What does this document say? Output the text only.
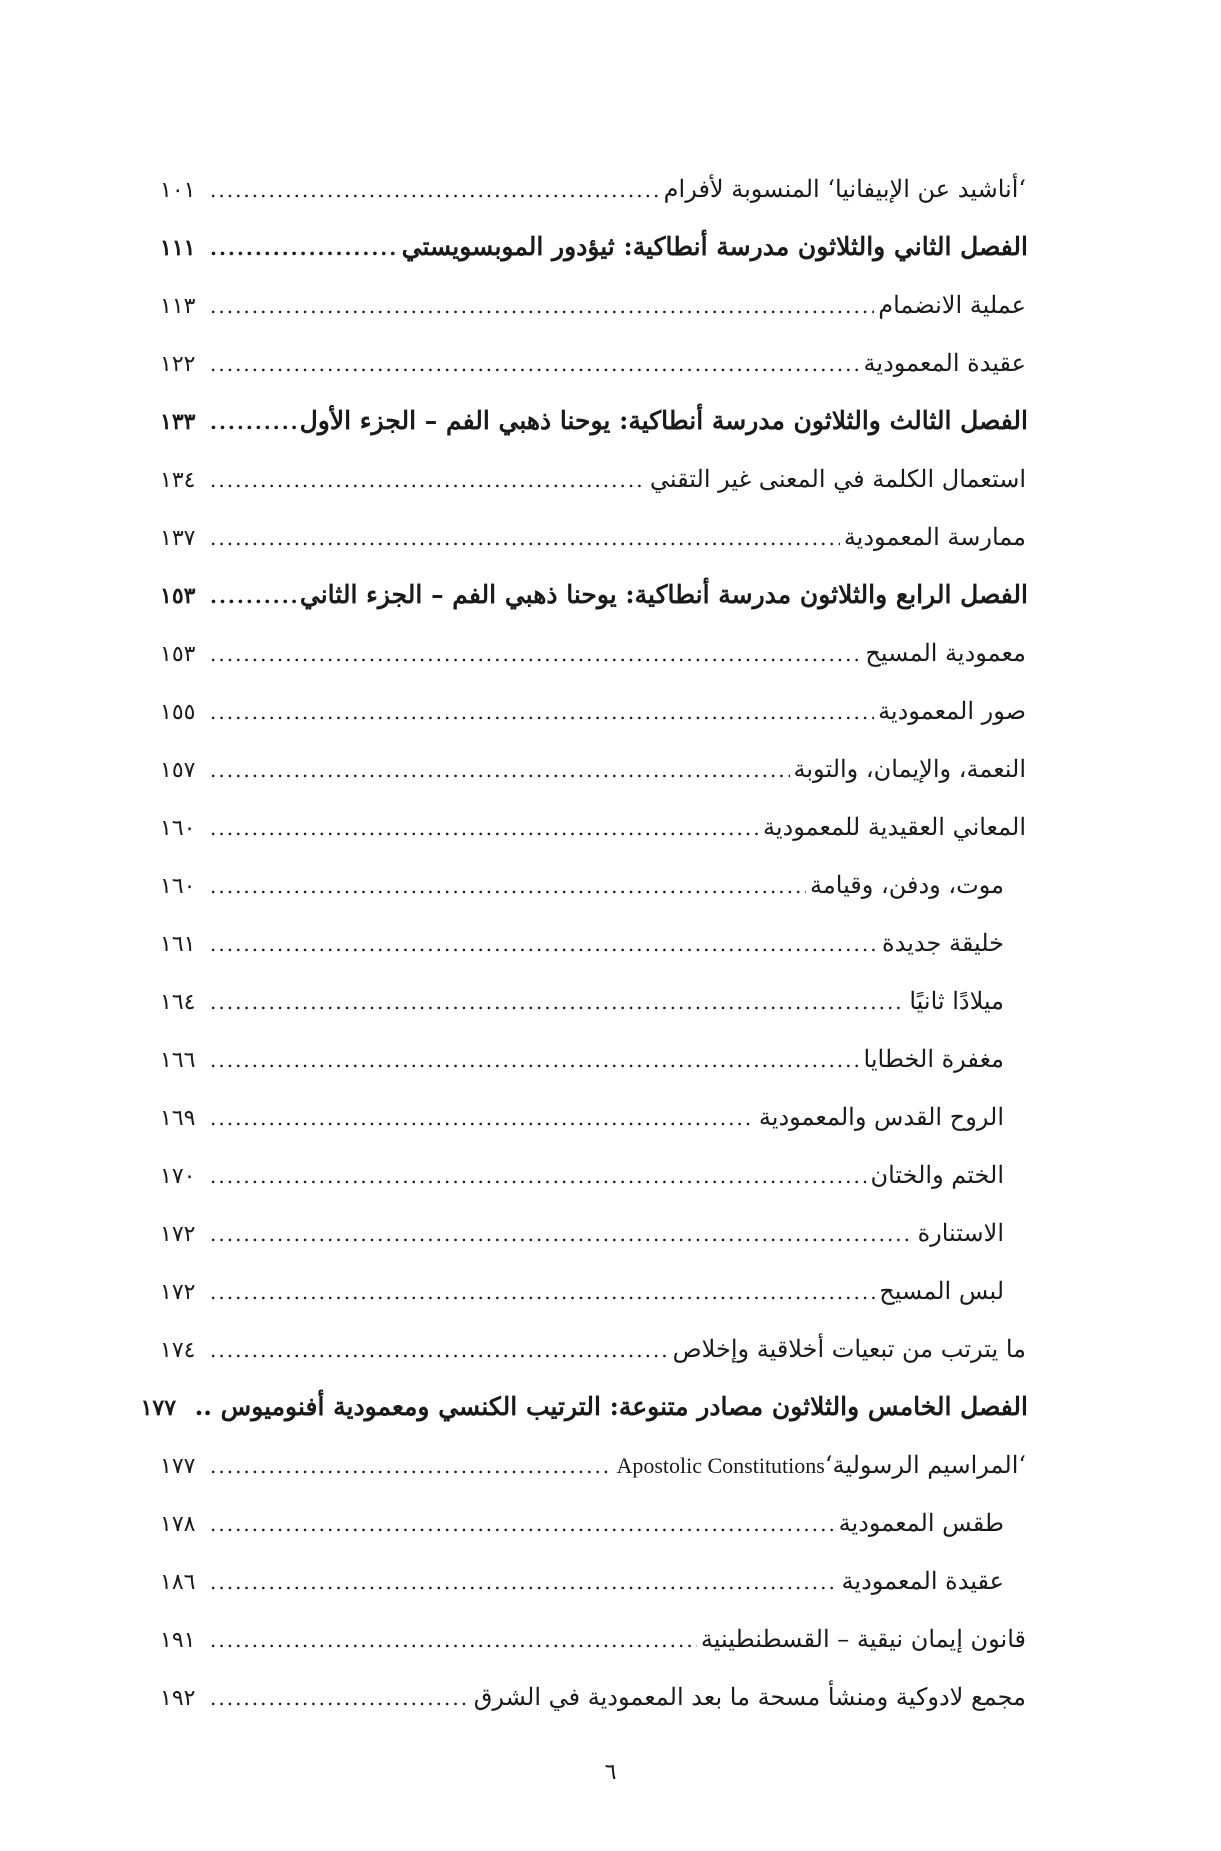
‘أناشيد عن الإبيفانيا‘ المنسوبة لأفرام
.....
١٠١
الفصل الثاني والثلاثون مدرسة أنطاكية: ثيؤدور الموبسويستي
.....
١١١
عملية الانضمام
.....
١١٣
عقيدة المعمودية
.....
١٢٢
الفصل الثالث والثلاثون مدرسة أنطاكية: يوحنا ذهبي الفم – الجزء الأول
.....
١٣٣
استعمال الكلمة في المعنى غير التقني
.....
١٣٤
ممارسة المعمودية
.....
١٣٧
الفصل الرابع والثلاثون مدرسة أنطاكية: يوحنا ذهبي الفم – الجزء الثاني
.....
١٥٣
معمودية المسيح
.....
١٥٣
صور المعمودية
.....
١٥٥
النعمة، والإيمان، والتوبة
.....
١٥٧
المعاني العقيدية للمعمودية
.....
١٦٠
موت، ودفن، وقيامة
.....
١٦٠
خليقة جديدة
.....
١٦١
ميلادًا ثانيًا
.....
١٦٤
مغفرة الخطايا
.....
١٦٦
الروح القدس والمعمودية
.....
١٦٩
الختم والختان
.....
١٧٠
الاستنارة
.....
١٧٢
لبس المسيح
.....
١٧٢
ما يترتب من تبعيات أخلاقية وإخلاص
.....
١٧٤
الفصل الخامس والثلاثون مصادر متنوعة: الترتيب الكنسي ومعمودية أفنوميوس ..
١٧٧
‘المراسيم الرسولية‘Apostolic Constitutions
.....
١٧٧
طقس المعمودية
.....
١٧٨
عقيدة المعمودية
.....
١٨٦
قانون إيمان نيقية – القسطنطينية
.....
١٩١
مجمع لادوكية ومنشأ مسحة ما بعد المعمودية في الشرق
.....
١٩٢
٦
